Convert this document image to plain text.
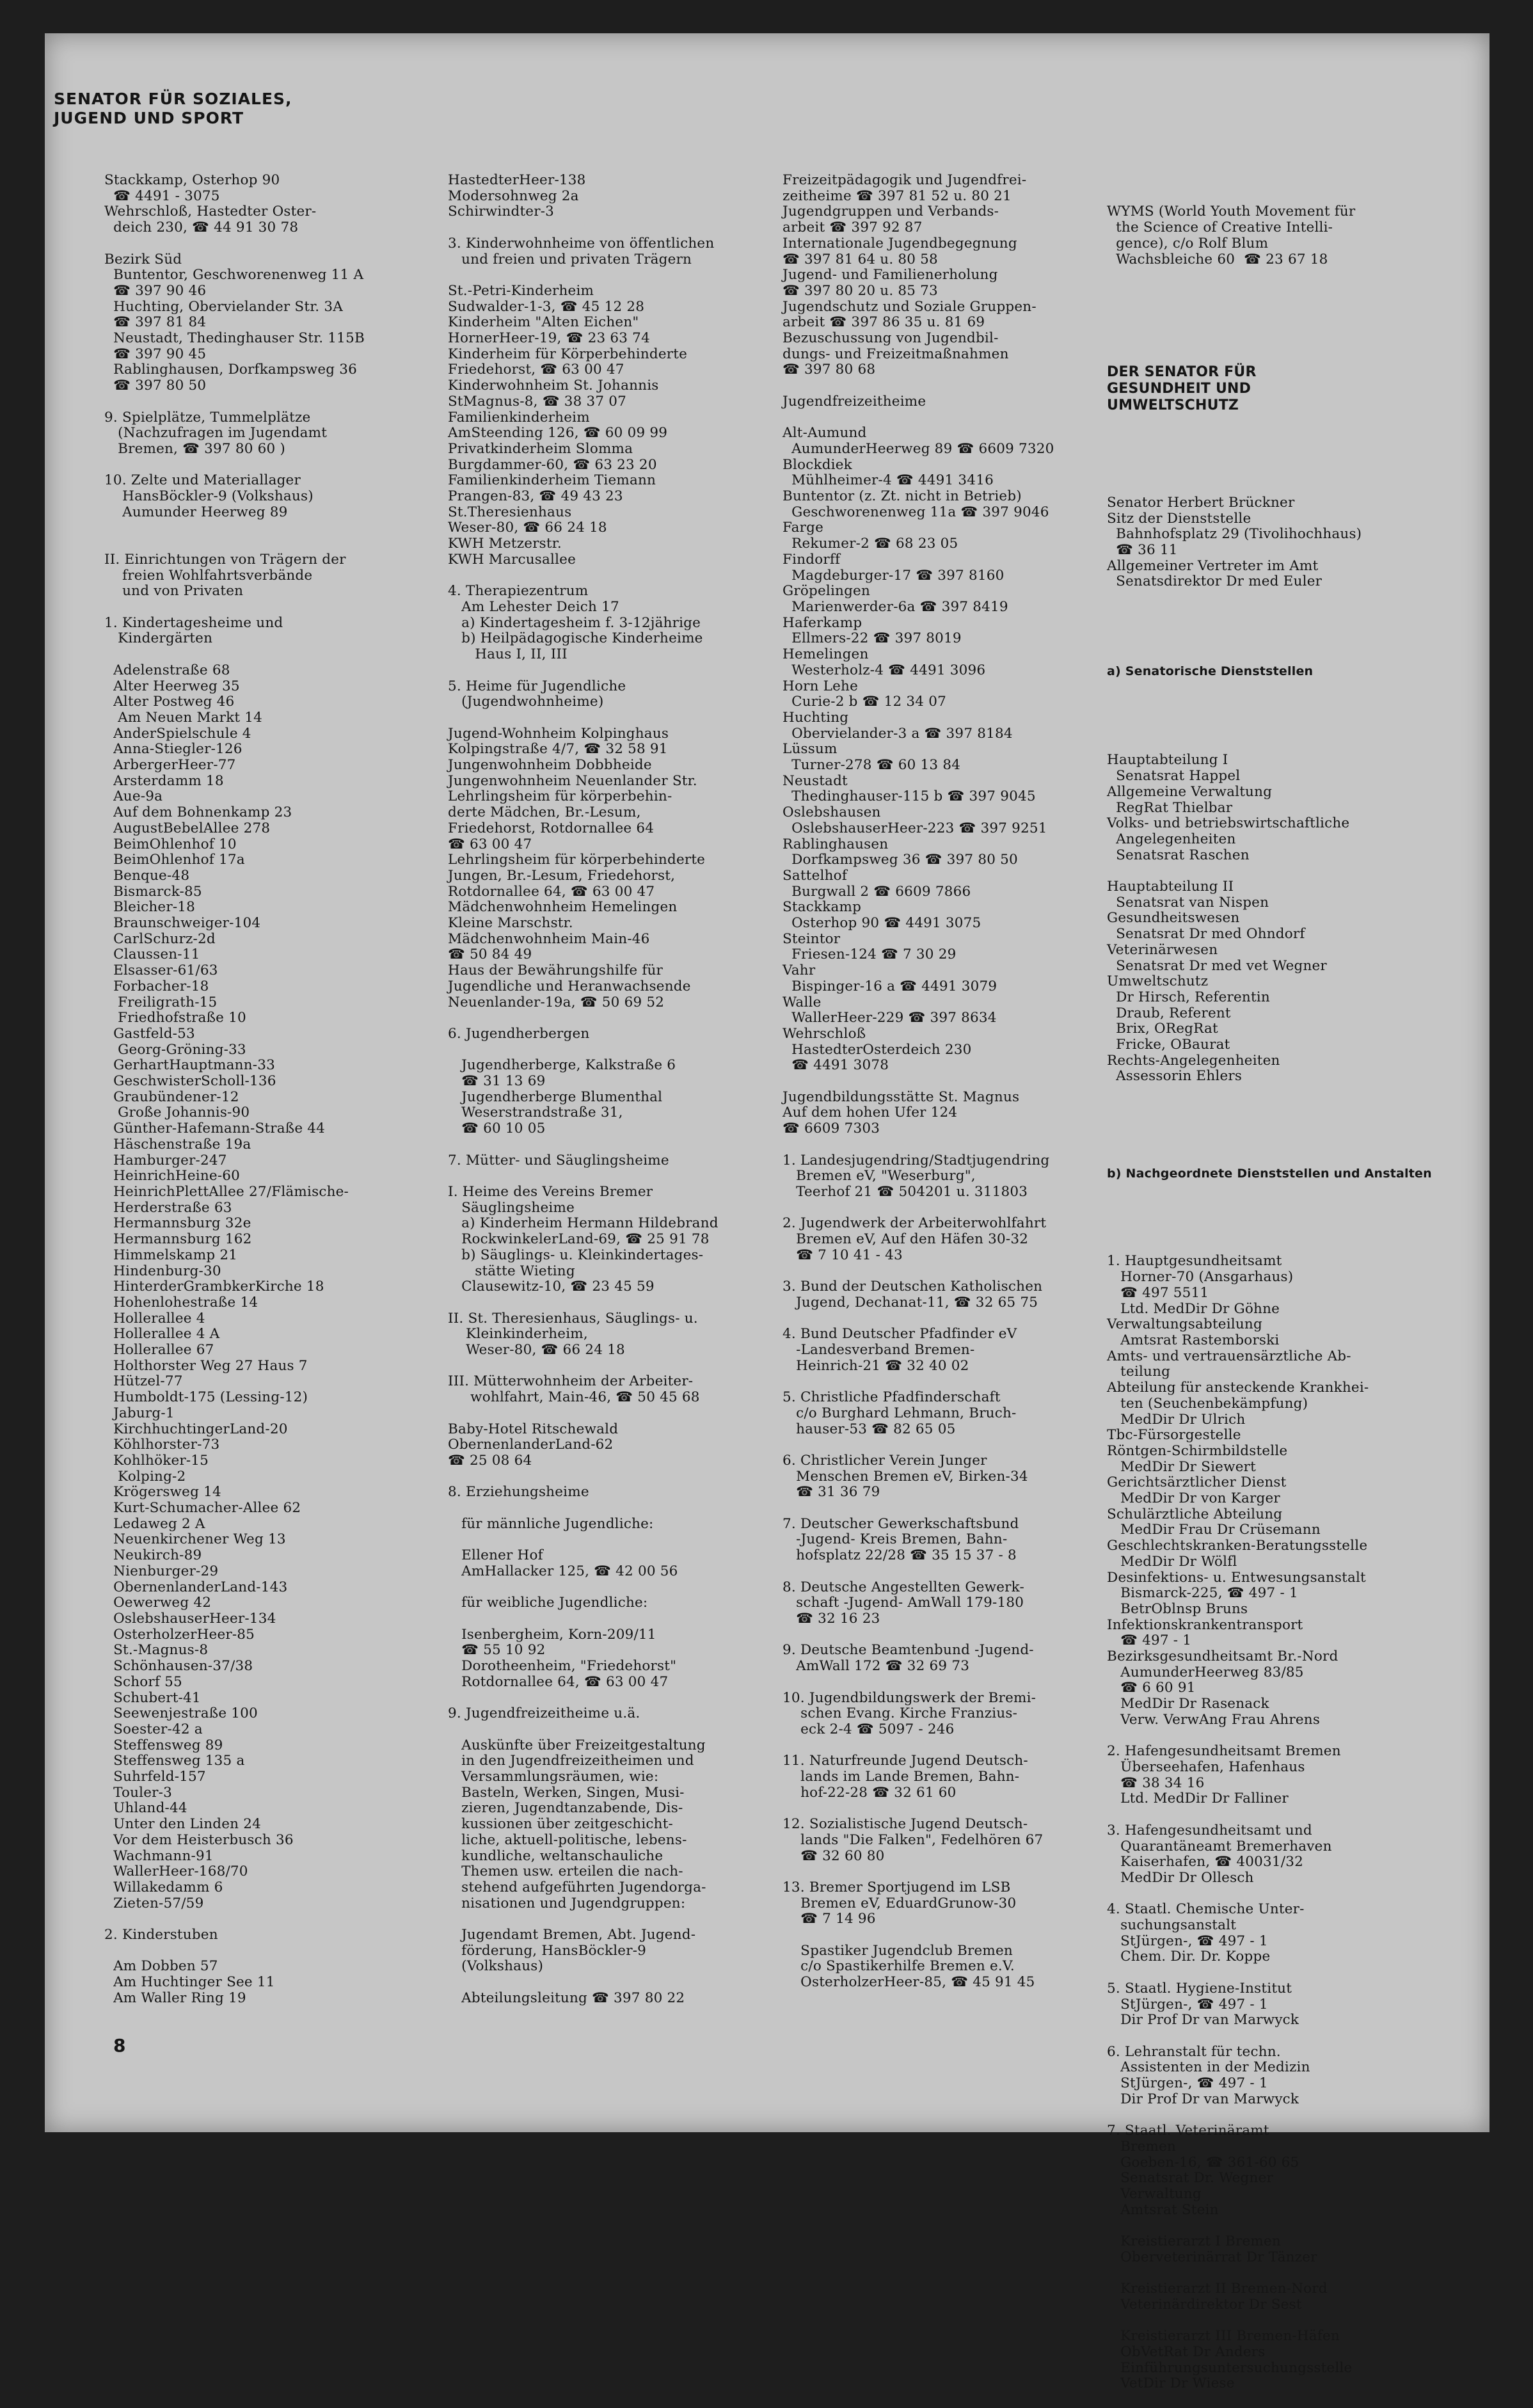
SENATOR FÜR SOZIALES,
JUGEND UND SPORT
Stackkamp, Osterhop 90
☎ 4491 - 3075
Wehrschloß, Hastedter Oster-
deich 230, ☎ 44 91 30 78

Bezirk Süd
Buntentor, Geschworenenweg 11 A
☎ 397 90 46
Huchting, Obervielander Str. 3A
☎ 397 81 84
Neustadt, Thedinghauser Str. 115B
☎ 397 90 45
Rablinghausen, Dorfkampsweg 36
☎ 397 80 50

9. Spielplätze, Tummelplätze
(Nachzufragen im Jugendamt
Bremen, ☎ 397 80 60 )

10. Zelte und Materiallager
HansBöckler-9 (Volkshaus)
Aumunder Heerweg 89

II. Einrichtungen von Trägern der
freien Wohlfahrtsverbände
und von Privaten

1. Kindertagesheime und
Kindergärten

Adelenstraße 68
Alter Heerweg 35
Alter Postweg 46
Am Neuen Markt 14
AnderSpielschule 4
Anna-Stiegler-126
ArbergerHeer-77
Arsterdamm 18
Aue-9a
Auf dem Bohnenkamp 23
AugustBebelAllee 278
BeimOhlenhof 10
BeimOhlenhof 17a
Benque-48
Bismarck-85
Bleicher-18
Braunschweiger-104
CarlSchurz-2d
Claussen-11
Elsasser-61/63
Forbacher-18
Freiligrath-15
Friedhofstraße 10
Gastfeld-53
Georg-Gröning-33
GerhartHauptmann-33
GeschwisterScholl-136
Graubündener-12
Große Johannis-90
Günther-Hafemann-Straße 44
Häschenstraße 19a
Hamburger-247
HeinrichHeine-60
HeinrichPlettAllee 27/Flämische-
Herderstraße 63
Hermannsburg 32e
Hermannsburg 162
Himmelskamp 21
Hindenburg-30
HinterderGrambkerKirche 18
Hohenlohestraße 14
Hollerallee 4
Hollerallee 4 A
Hollerallee 67
Holthorster Weg 27 Haus 7
Hützel-77
Humboldt-175 (Lessing-12)
Jaburg-1
KirchhuchtingerLand-20
Köhlhorster-73
Kohlhöker-15
Kolping-2
Krögersweg 14
Kurt-Schumacher-Allee 62
Ledaweg 2 A
Neuenkirchener Weg 13
Neukirch-89
Nienburger-29
ObernenlanderLand-143
Oewerweg 42
OslebshauserHeer-134
OsterholzerHeer-85
St.-Magnus-8
Schönhausen-37/38
Schorf 55
Schubert-41
Seewenjestraße 100
Soester-42 a
Steffensweg 89
Steffensweg 135 a
Suhrfeld-157
Touler-3
Uhland-44
Unter den Linden 24
Vor dem Heisterbusch 36
Wachmann-91
WallerHeer-168/70
Willakedamm 6
Zieten-57/59

2. Kinderstuben

Am Dobben 57
Am Huchtinger See 11
Am Waller Ring 19
HastedterHeer-138
Modersohnweg 2a
Schirwindter-3

3. Kinderwohnheime von öffentlichen
und freien und privaten Trägern

St.-Petri-Kinderheim
Sudwalder-1-3, ☎ 45 12 28
Kinderheim "Alten Eichen"
HornerHeer-19, ☎ 23 63 74
Kinderheim für Körperbehinderte
Friedehorst, ☎ 63 00 47
Kinderwohnheim St. Johannis
StMagnus-8, ☎ 38 37 07
Familienkinderheim
AmSteending 126, ☎ 60 09 99
Privatkinderheim Slomma
Burgdammer-60, ☎ 63 23 20
Familienkinderheim Tiemann
Prangen-83, ☎ 49 43 23
St.Theresienhaus
Weser-80, ☎ 66 24 18
KWH Metzerstr.
KWH Marcusallee

4. Therapiezentrum
Am Lehester Deich 17
a) Kindertagesheim f. 3-12jährige
b) Heilpädagogische Kinderheime
Haus I, II, III

5. Heime für Jugendliche
(Jugendwohnheime)

Jugend-Wohnheim Kolpinghaus
Kolpingstraße 4/7, ☎ 32 58 91
Jungenwohnheim Dobbheide
Jungenwohnheim Neuenlander Str.
Lehrlingsheim für körperbehin-
derte Mädchen, Br.-Lesum,
Friedehorst, Rotdornallee 64
☎ 63 00 47
Lehrlingsheim für körperbehinderte
Jungen, Br.-Lesum, Friedehorst,
Rotdornallee 64, ☎ 63 00 47
Mädchenwohnheim Hemelingen
Kleine Marschstr.
Mädchenwohnheim Main-46
☎ 50 84 49
Haus der Bewährungshilfe für
Jugendliche und Heranwachsende
Neuenlander-19a, ☎ 50 69 52

6. Jugendherbergen

Jugendherberge, Kalkstraße 6
☎ 31 13 69
Jugendherberge Blumenthal
Weserstrandstraße 31,
☎ 60 10 05

7. Mütter- und Säuglingsheime

I. Heime des Vereins Bremer
Säuglingsheime
a) Kinderheim Hermann Hildebrand
RockwinkelerLand-69, ☎ 25 91 78
b) Säuglings- u. Kleinkindertages-
stätte Wieting
Clausewitz-10, ☎ 23 45 59

II. St. Theresienhaus, Säuglings- u.
Kleinkinderheim,
Weser-80, ☎ 66 24 18

III. Mütterwohnheim der Arbeiter-
wohlfahrt, Main-46, ☎ 50 45 68

Baby-Hotel Ritschewald
ObernenlanderLand-62
☎ 25 08 64

8. Erziehungsheime

für männliche Jugendliche:

Ellener Hof
AmHallacker 125, ☎ 42 00 56

für weibliche Jugendliche:

Isenbergheim, Korn-209/11
☎ 55 10 92
Dorotheenheim, "Friedehorst"
Rotdornallee 64, ☎ 63 00 47

9. Jugendfreizeitheime u.ä.

Auskünfte über Freizeitgestaltung
in den Jugendfreizeitheimen und
Versammlungsräumen, wie:
Basteln, Werken, Singen, Musi-
zieren, Jugendtanzabende, Dis-
kussionen über zeitgeschicht-
liche, aktuell-politische, lebens-
kundliche, weltanschauliche
Themen usw. erteilen die nach-
stehend aufgeführten Jugendorga-
nisationen und Jugendgruppen:

Jugendamt Bremen, Abt. Jugend-
förderung, HansBöckler-9
(Volkshaus)

Abteilungsleitung ☎ 397 80 22
Freizeitpädagogik und Jugendfrei-
zeitheime ☎ 397 81 52 u. 80 21
Jugendgruppen und Verbands-
arbeit ☎ 397 92 87
Internationale Jugendbegegnung
☎ 397 81 64 u. 80 58
Jugend- und Familienerholung
☎ 397 80 20 u. 85 73
Jugendschutz und Soziale Gruppen-
arbeit ☎ 397 86 35 u. 81 69
Bezuschussung von Jugendbil-
dungs- und Freizeitmaßnahmen
☎ 397 80 68

Jugendfreizeitheime

Alt-Aumund
AumunderHeerweg 89 ☎ 6609 7320
Blockdiek
Mühlheimer-4 ☎ 4491 3416
Buntentor (z. Zt. nicht in Betrieb)
Geschworenenweg 11a ☎ 397 9046
Farge
Rekumer-2 ☎ 68 23 05
Findorff
Magdeburger-17 ☎ 397 8160
Gröpelingen
Marienwerder-6a ☎ 397 8419
Haferkamp
Ellmers-22 ☎ 397 8019
Hemelingen
Westerholz-4 ☎ 4491 3096
Horn Lehe
Curie-2 b ☎ 12 34 07
Huchting
Obervielander-3 a ☎ 397 8184
Lüssum
Turner-278 ☎ 60 13 84
Neustadt
Thedinghauser-115 b ☎ 397 9045
Oslebshausen
OslebshauserHeer-223 ☎ 397 9251
Rablinghausen
Dorfkampsweg 36 ☎ 397 80 50
Sattelhof
Burgwall 2 ☎ 6609 7866
Stackkamp
Osterhop 90 ☎ 4491 3075
Steintor
Friesen-124 ☎ 7 30 29
Vahr
Bispinger-16 a ☎ 4491 3079
Walle
WallerHeer-229 ☎ 397 8634
Wehrschloß
HastedterOsterdeich 230
☎ 4491 3078

Jugendbildungsstätte St. Magnus
Auf dem hohen Ufer 124
☎ 6609 7303

1. Landesjugendring/Stadtjugendring
Bremen eV, "Weserburg",
Teerhof 21 ☎ 504201 u. 311803

2. Jugendwerk der Arbeiterwohlfahrt
Bremen eV, Auf den Häfen 30-32
☎ 7 10 41 - 43

3. Bund der Deutschen Katholischen
Jugend, Dechanat-11, ☎ 32 65 75

4. Bund Deutscher Pfadfinder eV
-Landesverband Bremen-
Heinrich-21 ☎ 32 40 02

5. Christliche Pfadfinderschaft
c/o Burghard Lehmann, Bruch-
hauser-53 ☎ 82 65 05

6. Christlicher Verein Junger
Menschen Bremen eV, Birken-34
☎ 31 36 79

7. Deutscher Gewerkschaftsbund
-Jugend- Kreis Bremen, Bahn-
hofsplatz 22/28 ☎ 35 15 37 - 8

8. Deutsche Angestellten Gewerk-
schaft -Jugend- AmWall 179-180
☎ 32 16 23

9. Deutsche Beamtenbund -Jugend-
AmWall 172 ☎ 32 69 73

10. Jugendbildungswerk der Bremi-
schen Evang. Kirche Franzius-
eck 2-4 ☎ 5097 - 246

11. Naturfreunde Jugend Deutsch-
lands im Lande Bremen, Bahn-
hof-22-28 ☎ 32 61 60

12. Sozialistische Jugend Deutsch-
lands "Die Falken", Fedelhören 67
☎ 32 60 80

13. Bremer Sportjugend im LSB
Bremen eV, EduardGrunow-30
☎ 7 14 96

Spastiker Jugendclub Bremen
c/o Spastikerhilfe Bremen e.V.
OsterholzerHeer-85, ☎ 45 91 45

WYMS (World Youth Movement für
the Science of Creative Intelli-
gence), c/o Rolf Blum
Wachsbleiche 60  ☎ 23 67 18

DER SENATOR FÜR
GESUNDHEIT UND
UMWELTSCHUTZ

Senator Herbert Brückner
Sitz der Dienststelle
Bahnhofsplatz 29 (Tivolihochhaus)
☎ 36 11
Allgemeiner Vertreter im Amt
Senatsdirektor Dr med Euler

a) Senatorische Dienststellen

Hauptabteilung I
Senatsrat Happel
Allgemeine Verwaltung
RegRat Thielbar
Volks- und betriebswirtschaftliche
Angelegenheiten
Senatsrat Raschen

Hauptabteilung II
Senatsrat van Nispen
Gesundheitswesen
Senatsrat Dr med Ohndorf
Veterinärwesen
Senatsrat Dr med vet Wegner
Umweltschutz
Dr Hirsch, Referentin
Draub, Referent
Brix, ORegRat
Fricke, OBaurat
Rechts-Angelegenheiten
Assessorin Ehlers

b) Nachgeordnete Dienststellen und Anstalten

1. Hauptgesundheitsamt
Horner-70 (Ansgarhaus)
☎ 497 5511
Ltd. MedDir Dr Göhne
Verwaltungsabteilung
Amtsrat Rastemborski
Amts- und vertrauensärztliche Ab-
teilung
Abteilung für ansteckende Krankhei-
ten (Seuchenbekämpfung)
MedDir Dr Ulrich
Tbc-Fürsorgestelle
Röntgen-Schirmbildstelle
MedDir Dr Siewert
Gerichtsärztlicher Dienst
MedDir Dr von Karger
Schulärztliche Abteilung
MedDir Frau Dr Crüsemann
Geschlechtskranken-Beratungsstelle
MedDir Dr Wölfl
Desinfektions- u. Entwesungsanstalt
Bismarck-225, ☎ 497 - 1
BetrOblnsp Bruns
Infektionskrankentransport
☎ 497 - 1
Bezirksgesundheitsamt Br.-Nord
AumunderHeerweg 83/85
☎ 6 60 91
MedDir Dr Rasenack
Verw. VerwAng Frau Ahrens

2. Hafengesundheitsamt Bremen
Überseehafen, Hafenhaus
☎ 38 34 16
Ltd. MedDir Dr Falliner

3. Hafengesundheitsamt und
Quarantäneamt Bremerhaven
Kaiserhafen, ☎ 40031/32
MedDir Dr Ollesch

4. Staatl. Chemische Unter-
suchungsanstalt
StJürgen-, ☎ 497 - 1
Chem. Dir. Dr. Koppe

5. Staatl. Hygiene-Institut
StJürgen-, ☎ 497 - 1
Dir Prof Dr van Marwyck

6. Lehranstalt für techn.
Assistenten in der Medizin
StJürgen-, ☎ 497 - 1
Dir Prof Dr van Marwyck

7. Staatl. Veterinäramt
Bremen
Goeben-16, ☎ 361-60 65
Senatsrat Dr. Wegner
Verwaltung
Amtsrat Stein

Kreistierarzt I Bremen
Oberveterinärrat Dr Tänzer

Kreistierarzt II Bremen-Nord
Veterinärdirektor Dr Sest

Kreistierarzt III Bremen-Häfen
ObVetRat Dr Anders
Einführungsuntersuchungsstelle
VetDir Dr Wiese

8
